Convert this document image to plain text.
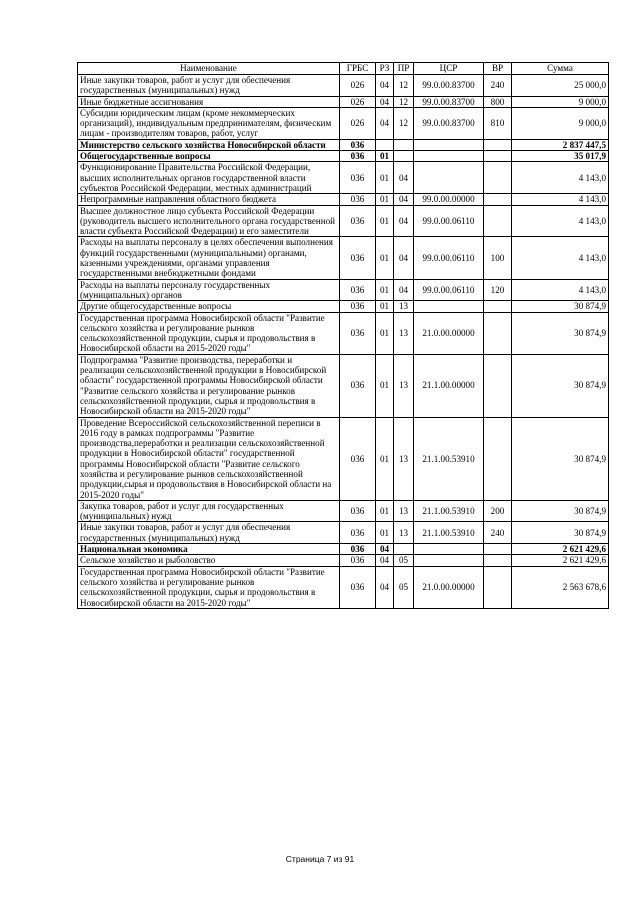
Наименование	ГРБС	РЗ	ПР	ЦСР	ВР	Сумма
Иные закупки товаров, работ и услуг для обеспечения государственных (муниципальных) нужд	026	04	12	99.0.00.83700	240	25 000,0
Иные бюджетные ассигнования	026	04	12	99.0.00.83700	800	9 000,0
Субсидии юридическим лицам (кроме некоммерческих организаций), индивидуальным предпринимателям, физическим лицам - производителям товаров, работ, услуг	026	04	12	99.0.00.83700	810	9 000,0
Министерство сельского хозяйства Новосибирской области	036					2 837 447,5
Общегосударственные вопросы	036	01				35 017,9
Функционирование Правительства Российской Федерации, высших исполнительных органов государственной власти субъектов Российской Федерации, местных администраций	036	01	04			4 143,0
Непрограммные направления областного бюджета	036	01	04	99.0.00.00000		4 143,0
Высшее должностное лицо субъекта Российской Федерации (руководитель высшего исполнительного органа государственной власти субъекта Российской Федерации) и его заместители	036	01	04	99.0.00.06110		4 143,0
Расходы на выплаты персоналу в целях обеспечения выполнения функций государственными (муниципальными) органами, казенными учреждениями, органами управления государственными внебюджетными фондами	036	01	04	99.0.00.06110	100	4 143,0
Расходы на выплаты персоналу государственных (муниципальных) органов	036	01	04	99.0.00.06110	120	4 143,0
Другие общегосударственные вопросы	036	01	13			30 874,9
Государственная программа Новосибирской области "Развитие сельского хозяйства и регулирование рынков сельскохозяйственной продукции, сырья и продовольствия в Новосибирской области на 2015-2020 годы"	036	01	13	21.0.00.00000		30 874,9
Подпрограмма "Развитие производства, переработки и реализации сельскохозяйственной продукции в Новосибирской области" государственной программы Новосибирской области "Развитие сельского хозяйства и регулирование рынков сельскохозяйственной продукции, сырья и продовольствия в Новосибирской области на 2015-2020 годы"	036	01	13	21.1.00.00000		30 874,9
Проведение Всероссийской сельскохозяйственной переписи в 2016 году в рамках подпрограммы "Развитие производства,переработки и реализации сельскохозяйственной продукции в Новосибирской области" государственной программы Новосибирской области "Развитие сельского хозяйства и регулирование рынков сельскохозяйственной продукции,сырья и продовольствия в Новосибирской области на 2015-2020 годы"	036	01	13	21.1.00.53910		30 874,9
Закупка товаров, работ и услуг для государственных (муниципальных) нужд	036	01	13	21.1.00.53910	200	30 874,9
Иные закупки товаров, работ и услуг для обеспечения государственных (муниципальных) нужд	036	01	13	21.1.00.53910	240	30 874,9
Национальная экономика	036	04				2 621 429,6
Сельское хозяйство и рыболовство	036	04	05			2 621 429,6
Государственная программа Новосибирской области "Развитие сельского хозяйства и регулирование рынков сельскохозяйственной продукции, сырья и продовольствия в Новосибирской области на 2015-2020 годы"	036	04	05	21.0.00.00000		2 563 678,6
Страница 7 из 91
